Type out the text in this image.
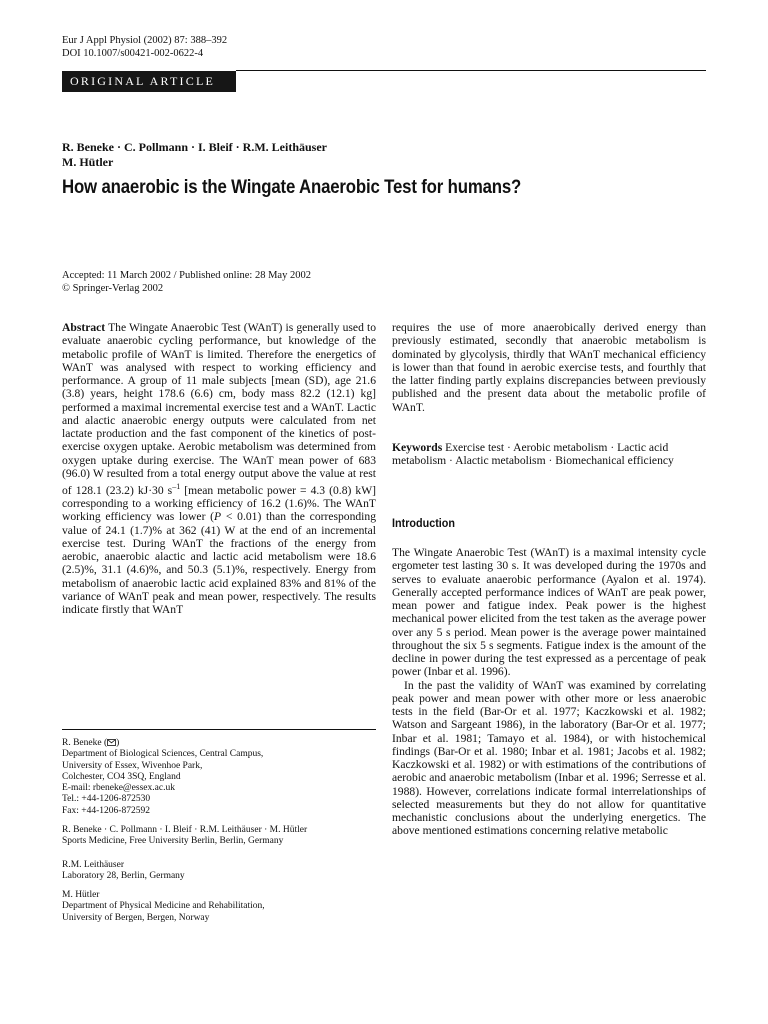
Eur J Appl Physiol (2002) 87: 388–392
DOI 10.1007/s00421-002-0622-4
ORIGINAL ARTICLE
R. Beneke · C. Pollmann · I. Bleif · R.M. Leithäuser
M. Hütler
How anaerobic is the Wingate Anaerobic Test for humans?
Accepted: 11 March 2002 / Published online: 28 May 2002
© Springer-Verlag 2002

Abstract The Wingate Anaerobic Test (WAnT) is generally used to evaluate anaerobic cycling performance, but knowledge of the metabolic profile of WAnT is limited. Therefore the energetics of WAnT was analysed with respect to working efficiency and performance. A group of 11 male subjects [mean (SD), age 21.6 (3.8) years, height 178.6 (6.6) cm, body mass 82.2 (12.1) kg] performed a maximal incremental exercise test and a WAnT. Lactic and alactic anaerobic energy outputs were calculated from net lactate production and the fast component of the kinetics of post-exercise oxygen uptake. Aerobic metabolism was determined from oxygen uptake during exercise. The WAnT mean power of 683 (96.0) W resulted from a total energy output above the value at rest of 128.1 (23.2) kJ·30 $s^{-1}$ [mean metabolic power = 4.3 (0.8) kW] corresponding to a working efficiency of 16.2 (1.6)%. The WAnT working efficiency was lower (P < 0.01) than the corresponding value of 24.1 (1.7)% at 362 (41) W at the end of an incremental exercise test. During WAnT the fractions of the energy from aerobic, anaerobic alactic and lactic acid metabolism were 18.6 (2.5)%, 31.1 (4.6)%, and 50.3 (5.1)%, respectively. Energy from metabolism of anaerobic lactic acid explained 83% and 81% of the variance of WAnT peak and mean power, respectively. The results indicate firstly that WAnT

R. Beneke ( )
Department of Biological Sciences, Central Campus,
University of Essex, Wivenhoe Park,
Colchester, CO4 3SQ, England
E-mail: rbeneke@essex.ac.uk
Tel.: +44-1206-872530
Fax: +44-1206-872592
R. Beneke · C. Pollmann · I. Bleif · R.M. Leithäuser · M. Hütler
Sports Medicine, Free University Berlin, Berlin, Germany
R.M. Leithäuser
Laboratory 28, Berlin, Germany
M. Hütler
Department of Physical Medicine and Rehabilitation,
University of Bergen, Bergen, Norway

requires the use of more anaerobically derived energy than previously estimated, secondly that anaerobic metabolism is dominated by glycolysis, thirdly that WAnT mechanical efficiency is lower than that found in aerobic exercise tests, and fourthly that the latter finding partly explains discrepancies between previously published and the present data about the metabolic profile of WAnT.

Keywords Exercise test · Aerobic metabolism · Lactic acid metabolism · Alactic metabolism · Biomechanical efficiency

Introduction

The Wingate Anaerobic Test (WAnT) is a maximal intensity cycle ergometer test lasting 30 s. It was developed during the 1970s and serves to evaluate anaerobic performance (Ayalon et al. 1974). Generally accepted performance indices of WAnT are peak power, mean power and fatigue index. Peak power is the highest mechanical power elicited from the test taken as the average power over any 5 s period. Mean power is the average power maintained throughout the six 5 s segments. Fatigue index is the amount of the decline in power during the test expressed as a percentage of peak power (Inbar et al. 1996).

In the past the validity of WAnT was examined by correlating peak power and mean power with other more or less anaerobic tests in the field (Bar-Or et al. 1977; Kaczkowski et al. 1982; Watson and Sargeant 1986), in the laboratory (Bar-Or et al. 1977; Inbar et al. 1981; Tamayo et al. 1984), or with histochemical findings (Bar-Or et al. 1980; Inbar et al. 1981; Jacobs et al. 1982; Kaczkowski et al. 1982) or with estimations of the contributions of aerobic and anaerobic metabolism (Inbar et al. 1996; Serresse et al. 1988). However, correlations indicate formal interrelationships of selected measurements but they do not allow for quantitative mechanistic conclusions about the underlying energetics. The above mentioned estimations concerning relative metabolic
